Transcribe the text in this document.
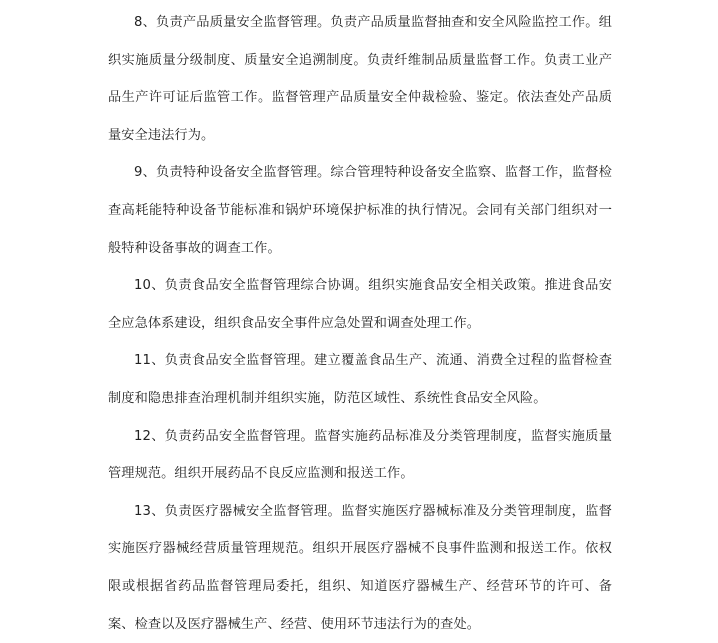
8、负责产品质量安全监督管理。负责产品质量监督抽查和安全风险监控工作。组织实施质量分级制度、质量安全追溯制度。负责纤维制品质量监督工作。负责工业产品生产许可证后监管工作。监督管理产品质量安全仲裁检验、鉴定。依法查处产品质量安全违法行为。

9、负责特种设备安全监督管理。综合管理特种设备安全监察、监督工作，监督检查高耗能特种设备节能标准和锅炉环境保护标准的执行情况。会同有关部门组织对一般特种设备事故的调查工作。

10、负责食品安全监督管理综合协调。组织实施食品安全相关政策。推进食品安全应急体系建设，组织食品安全事件应急处置和调查处理工作。

11、负责食品安全监督管理。建立覆盖食品生产、流通、消费全过程的监督检查制度和隐患排查治理机制并组织实施，防范区域性、系统性食品安全风险。

12、负责药品安全监督管理。监督实施药品标准及分类管理制度，监督实施质量管理规范。组织开展药品不良反应监测和报送工作。

13、负责医疗器械安全监督管理。监督实施医疗器械标准及分类管理制度，监督实施医疗器械经营质量管理规范。组织开展医疗器械不良事件监测和报送工作。依权限或根据省药品监督管理局委托，组织、知道医疗器械生产、经营环节的许可、备案、检查以及医疗器械生产、经营、使用环节违法行为的查处。
